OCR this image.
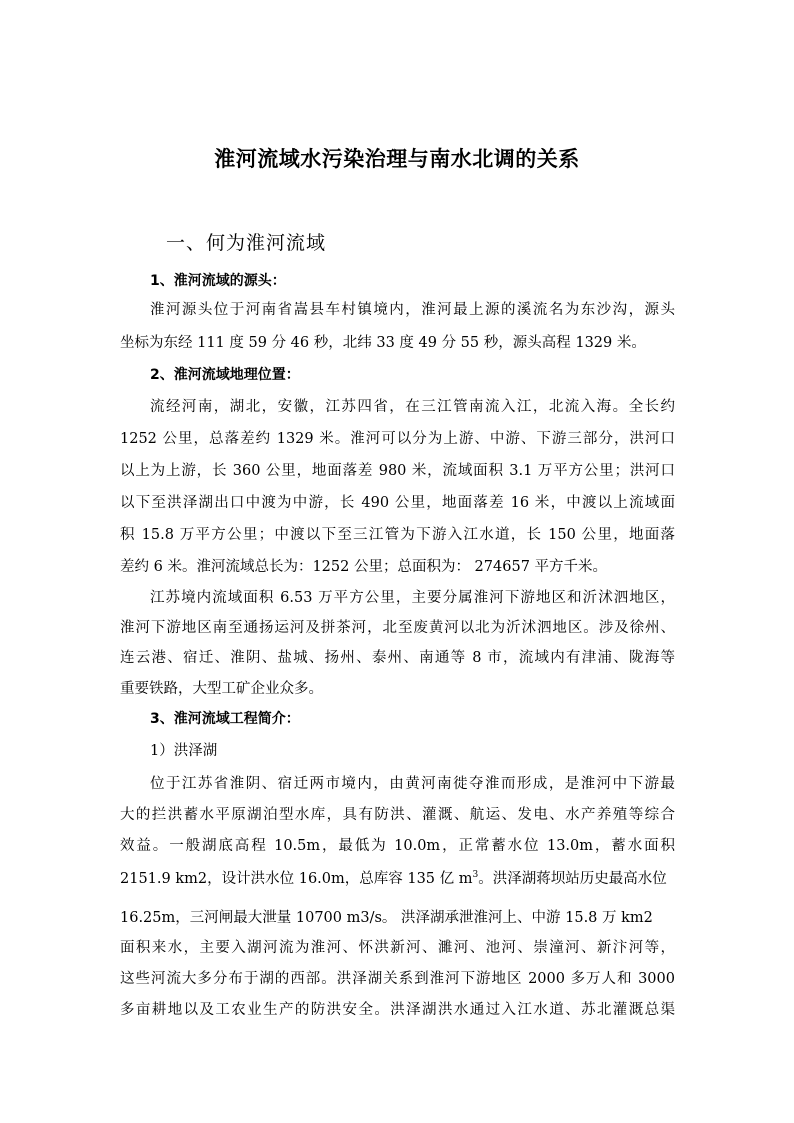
淮河流域水污染治理与南水北调的关系
一、何为淮河流域
1、淮河流域的源头：
淮河源头位于河南省嵩县车村镇境内，淮河最上源的溪流名为东沙沟，源头
坐标为东经 111 度 59 分 46 秒，北纬 33 度 49 分 55 秒，源头高程 1329 米。
2、淮河流域地理位置：
流经河南，湖北，安徽，江苏四省，在三江管南流入江，北流入海。全长约
1252 公里，总落差约 1329 米。淮河可以分为上游、中游、下游三部分，洪河口
以上为上游，长 360 公里，地面落差 980 米，流域面积 3.1 万平方公里；洪河口
以下至洪泽湖出口中渡为中游，长 490 公里，地面落差 16 米，中渡以上流域面
积 15.8 万平方公里；中渡以下至三江管为下游入江水道，长 150 公里，地面落
差约 6 米。淮河流域总长为：1252 公里；总面积为： 274657 平方千米。
江苏境内流域面积 6.53 万平方公里，主要分属淮河下游地区和沂沭泗地区，
淮河下游地区南至通扬运河及拼茶河，北至废黄河以北为沂沭泗地区。涉及徐州、
连云港、宿迁、淮阴、盐城、扬州、泰州、南通等 8 市，流域内有津浦、陇海等
重要铁路，大型工矿企业众多。
3、淮河流域工程简介：
1）洪泽湖
位于江苏省淮阴、宿迁两市境内，由黄河南徙夺淮而形成，是淮河中下游最
大的拦洪蓄水平原湖泊型水库，具有防洪、灌溉、航运、发电、水产养殖等综合
效益。一般湖底高程 10.5m，最低为 10.0m，正常蓄水位 13.0m，蓄水面积
2151.9 km2，设计洪水位 16.0m，总库容 135 亿 $m^3$。洪泽湖蒋坝站历史最高水位
16.25m，三河闸最大泄量 10700 m3/s。 洪泽湖承泄淮河上、中游 15.8 万 km2
面积来水，主要入湖河流为淮河、怀洪新河、濉河、池河、崇潼河、新汴河等，
这些河流大多分布于湖的西部。洪泽湖关系到淮河下游地区 2000 多万人和 3000
多亩耕地以及工农业生产的防洪安全。洪泽湖洪水通过入江水道、苏北灌溉总渠
